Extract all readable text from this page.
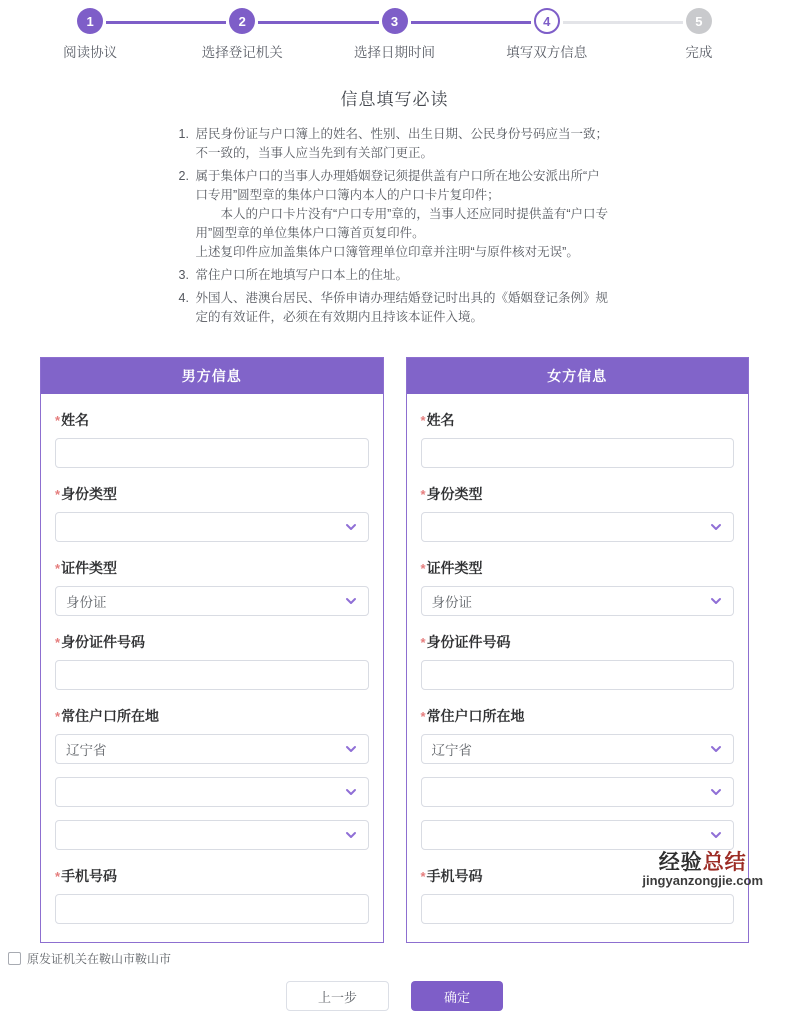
1
阅读协议
2
选择登记机关
3
选择日期时间
4
填写双方信息
5
完成
信息填写必读
1. 居民身份证与户口簿上的姓名、性别、出生日期、公民身份号码应当一致；不一致的，当事人应当先到有关部门更正。

2. 属于集体户口的当事人办理婚姻登记须提供盖有户口所在地公安派出所“户口专用”圆型章的集体户口簿内本人的户口卡片复印件；

本人的户口卡片没有“户口专用”章的，当事人还应同时提供盖有“户口专用”圆型章的单位集体户口簿首页复印件。

上述复印件应加盖集体户口簿管理单位印章并注明“与原件核对无误”。

3. 常住户口所在地填写户口本上的住址。

4. 外国人、港澳台居民、华侨申请办理结婚登记时出具的《婚姻登记条例》规定的有效证件，必须在有效期内且持该本证件入境。

男方信息
*姓名
*身份类型
*证件类型
身份证
*身份证件号码
*常住户口所在地
辽宁省
*手机号码
女方信息
*姓名
*身份类型
*证件类型
身份证
*身份证件号码
*常住户口所在地
辽宁省
*手机号码
原发证机关在鞍山市鞍山市
上一步	确定
经验总结
jingyanzongjie.com
